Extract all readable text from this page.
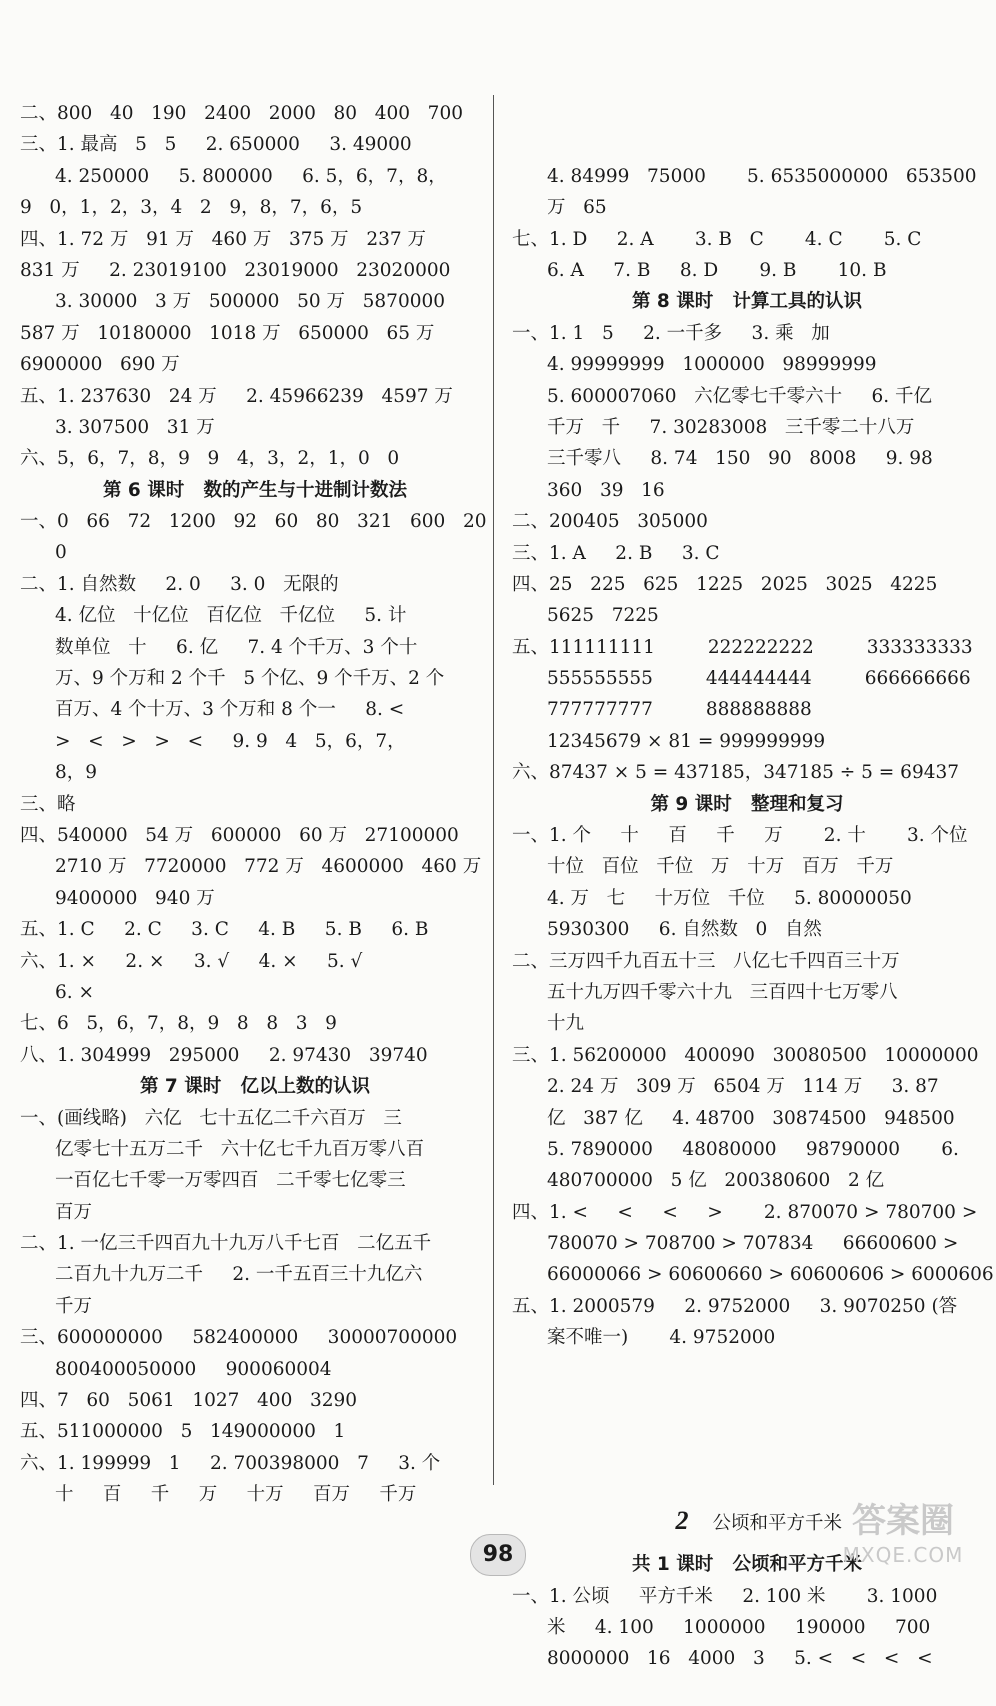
二、800   40   190   2400   2000   80   400   700
三、1. 最高   5   5     2. 650000     3. 49000
4. 250000     5. 800000     6. 5，6，7，8，
9   0，1，2，3，4   2   9，8，7，6，5
四、1. 72 万   91 万   460 万   375 万   237 万
831 万     2. 23019100   23019000   23020000
3. 30000   3 万   500000   50 万   5870000
587 万   10180000   1018 万   650000   65 万
6900000   690 万
五、1. 237630   24 万     2. 45966239   4597 万
3. 307500   31 万
六、5，6，7，8，9   9   4，3，2，1，0   0
第 6 课时   数的产生与十进制计数法
一、0   66   72   1200   92   60   80   321   600   20
0
二、1. 自然数     2. 0     3. 0   无限的
4. 亿位   十亿位   百亿位   千亿位     5. 计
数单位   十     6. 亿     7. 4 个千万、3 个十
万、9 个万和 2 个千   5 个亿、9 个千万、2 个
百万、4 个十万、3 个万和 8 个一     8. <
>   <   >   >   <     9. 9   4   5，6，7，
8，9
三、略
四、540000   54 万   600000   60 万   27100000
2710 万   7720000   772 万   4600000   460 万
9400000   940 万
五、1. C     2. C     3. C     4. B     5. B     6. B
六、1. ×     2. ×     3. √     4. ×     5. √
6. ×
七、6   5，6，7，8，9   8   8   3   9
八、1. 304999   295000     2. 97430   39740
第 7 课时   亿以上数的认识
一、(画线略)   六亿   七十五亿二千六百万   三
亿零七十五万二千   六十亿七千九百万零八百
一百亿七千零一万零四百   二千零七亿零三
百万
二、1. 一亿三千四百九十九万八千七百   二亿五千
二百九十九万二千     2. 一千五百三十九亿六
千万
三、600000000     582400000     30000700000
800400050000     900060004
四、7   60   5061   1027   400   3290
五、511000000   5   149000000   1
六、1. 199999   1     2. 700398000   7     3. 个
十     百     千     万     十万     百万     千万

4. 84999   75000       5. 6535000000   653500
万   65
七、1. D     2. A       3. B   C       4. C       5. C
6. A     7. B     8. D       9. B       10. B
第 8 课时   计算工具的认识
一、1. 1   5     2. 一千多     3. 乘   加
4. 99999999   1000000   98999999
5. 600007060   六亿零七千零六十     6. 千亿
千万   千     7. 30283008   三千零二十八万
三千零八     8. 74   150   90   8008     9. 98
360   39   16
二、200405   305000
三、1. A     2. B     3. C
四、25   225   625   1225   2025   3025   4225
5625   7225
五、111111111         222222222         333333333
555555555         444444444         666666666
777777777         888888888
12345679 × 81 = 999999999
六、87437 × 5 = 437185，347185 ÷ 5 = 69437
第 9 课时   整理和复习
一、1. 个     十     百     千     万       2. 十       3. 个位
十位   百位   千位   万   十万   百万   千万
4. 万   七     十万位   千位     5. 80000050
5930300     6. 自然数   0   自然
二、三万四千九百五十三   八亿七千四百三十万
五十九万四千零六十九   三百四十七万零八
十九
三、1. 56200000   400090   30080500   10000000
2. 24 万   309 万   6504 万   114 万     3. 87
亿   387 亿     4. 48700   30874500   948500
5. 7890000     48080000     98790000       6.
480700000   5 亿   200380600   2 亿
四、1. <     <     <     >       2. 870070 > 780700 >
780070 > 708700 > 707834     66600600 >
66000066 > 60600660 > 60600606 > 6000606
五、1. 2000579     2. 9752000     3. 9070250 (答
案不唯一)       4. 9752000

2 公顷和平方千米

共 1 课时   公顷和平方千米
一、1. 公顷     平方千米     2. 100 米       3. 1000
米     4. 100     1000000     190000     700
8000000   16   4000   3     5. <   <   <   <

98
答案圈
MXQE.COM
